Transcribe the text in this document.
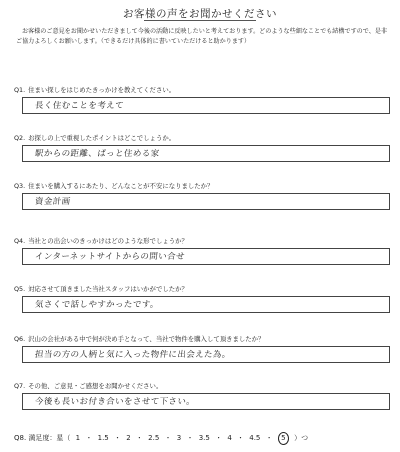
お客様の声をお聞かせください
お客様のご意見をお聞かせいただきまして今後の活動に反映したいと考えております。どのような些細なことでも結構ですので、是非ご協力よろしくお願いします。（できるだけ具体的に書いていただけると助かります）
Q1. 住まい探しをはじめたきっかけを教えてください。
長く住むことを考えて
Q2. お探しの上で重視したポイントはどこでしょうか。
駅からの距離、ぱっと住める家
Q3. 住まいを購入するにあたり、どんなことが不安になりましたか？
資金計画
Q4. 当社との出会いのきっかけはどのような形でしょうか？
インターネットサイトからの問い合せ
Q5. 対応させて頂きました当社スタッフはいかがでしたか？
気さくで話しやすかったです。
Q6. 沢山の会社がある中で何が決め手となって、当社で物件を購入して頂きましたか？
担当の方の人柄と気に入った物件に出会えた為。
Q7. その他、ご意見・ご感想をお聞かせください。
今後も長いお付き合いをさせて下さい。
Q8. 満足度：星（ 1 ・ 1.5 ・ 2 ・ 2.5 ・ 3 ・ 3.5 ・ 4 ・ 4.5 ・ 5 ）つ
